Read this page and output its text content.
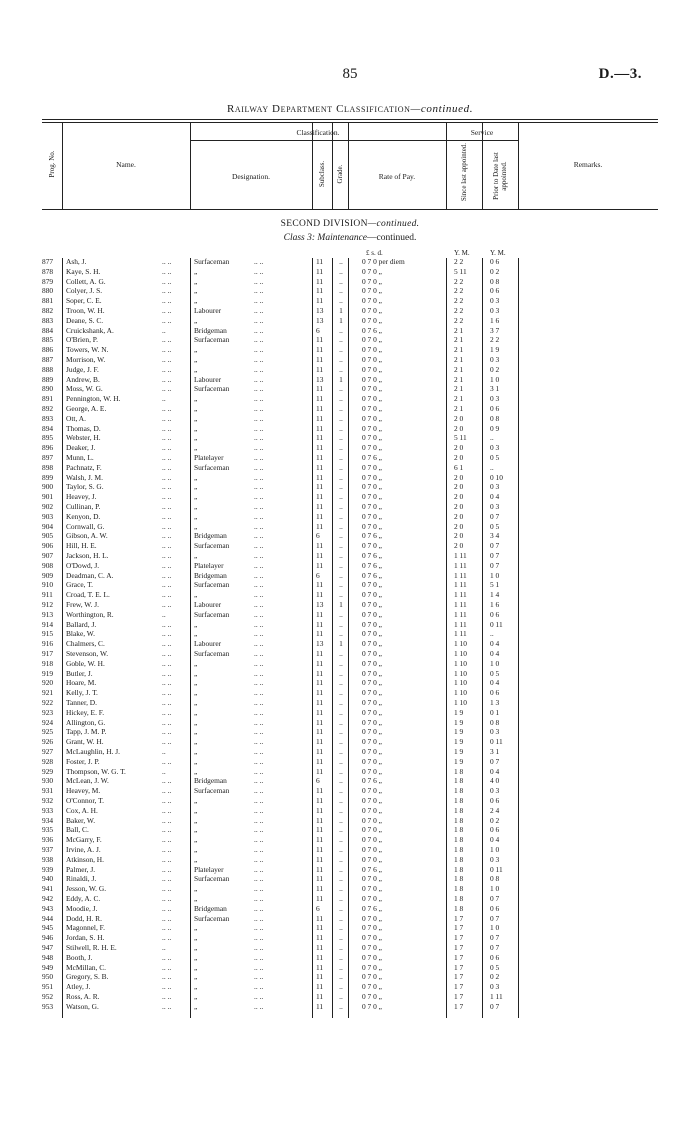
85	D.—3.
Railway Department Classification—continued.
Prog. No.	Name.
Classification.
Designation.	Subclass. Grade.	Rate of Pay.
Service
Since last appointed.	Prior to Date last appointed.	Remarks.
SECOND DIVISION—continued.
Class 3: Maintenance—continued.
£ s. d.	Y. M.	Y. M.
877	Ash, J.	Surfaceman	11	..	0 7 0 per diem	2 2	0 6
.. ..	.. ..
878	Kaye, S. H.	„	11	..	0 7 0 „	5 11	0 2
.. ..	.. ..
879	Collett, A. G.	„	11	..	0 7 0 „	2 2	0 8
.. ..	.. ..
880	Colyer, J. S.	„	11	..	0 7 0 „	2 2	0 6
.. ..	.. ..
881	Soper, C. E.	„	11	..	0 7 0 „	2 2	0 3
.. ..	.. ..
882	Troon, W. H.	Labourer	13	1	0 7 0 „	2 2	0 3
.. ..	.. ..
883	Deane, S. C.	„	13	1	0 7 0 „	2 2	1 6
.. ..	.. ..
884	Cruickshank, A.	Bridgeman	6	..	0 7 6 „	2 1	3 7
..	.. ..
885	O'Brien, P.	Surfaceman	11	..	0 7 0 „	2 1	2 2
.. ..	.. ..
886	Towers, W. N.	„	11	..	0 7 0 „	2 1	1 9
.. ..	.. ..
887	Morrison, W.	„	11	..	0 7 0 „	2 1	0 3
.. ..	.. ..
888	Judge, J. F.	„	11	..	0 7 0 „	2 1	0 2
.. ..	.. ..
889	Andrew, B.	Labourer	13	1	0 7 0 „	2 1	1 0
.. ..	.. ..
890	Moss, W. G.	Surfaceman	11	..	0 7 0 „	2 1	3 1
.. ..	.. ..
891	Pennington, W. H.	„	11	..	0 7 0 „	2 1	0 3
..	.. ..
892	George, A. E.	„	11	..	0 7 0 „	2 1	0 6
.. ..	.. ..
893	Ott, A.	„	11	..	0 7 0 „	2 0	0 8
.. ..	.. ..
894	Thomas, D.	„	11	..	0 7 0 „	2 0	0 9
.. ..	.. ..
895	Webster, H.	„	11	..	0 7 0 „	5 11	..
.. ..	.. ..
896	Deaker, J.	„	11	..	0 7 0 „	2 0	0 3
.. ..	.. ..
897	Munn, L.	Platelayer	11	..	0 7 6 „	2 0	0 5
.. ..	.. ..
898	Pachnatz, F.	Surfaceman	11	..	0 7 0 „	6 1	..
.. ..	.. ..
899	Walsh, J. M.	„	11	..	0 7 0 „	2 0	0 10
.. ..	.. ..
900	Taylor, S. G.	„	11	..	0 7 0 „	2 0	0 3
.. ..	.. ..
901	Heavey, J.	„	11	..	0 7 0 „	2 0	0 4
.. ..	.. ..
902	Cullinan, P.	„	11	..	0 7 0 „	2 0	0 3
.. ..	.. ..
903	Kenyon, D.	„	11	..	0 7 0 „	2 0	0 7
.. ..	.. ..
904	Cornwall, G.	„	11	..	0 7 0 „	2 0	0 5
.. ..	.. ..
905	Gibson, A. W.	Bridgeman	6	..	0 7 6 „	2 0	3 4
.. ..	.. ..
906	Hill, H. E.	Surfaceman	11	..	0 7 0 „	2 0	0 7
.. ..	.. ..
907	Jackson, H. L.	„	11	..	0 7 6 „	1 11	0 7
.. ..	.. ..
908	O'Dowd, J.	Platelayer	11	..	0 7 6 „	1 11	0 7
.. ..	.. ..
909	Deadman, C. A.	Bridgeman	6	..	0 7 6 „	1 11	1 0
.. ..	.. ..
910	Grace, T.	Surfaceman	11	..	0 7 0 „	1 11	5 1
.. ..	.. ..
911	Croad, T. E. L.	„	11	..	0 7 0 „	1 11	1 4
.. ..	.. ..
912	Frew, W. J.	Labourer	13	1	0 7 0 „	1 11	1 6
.. ..	.. ..
913	Worthington, R.	Surfaceman	11	..	0 7 0 „	1 11	0 6
..	.. ..
914	Ballard, J.	„	11	..	0 7 0 „	1 11	0 11
.. ..	.. ..
915	Blake, W.	„	11	..	0 7 0 „	1 11	..
.. ..	.. ..
916	Chalmers, C.	Labourer	13	1	0 7 0 „	1 10	0 4
.. ..	.. ..
917	Stevenson, W.	Surfaceman	11	..	0 7 0 „	1 10	0 4
.. ..	.. ..
918	Goble, W. H.	„	11	..	0 7 0 „	1 10	1 0
.. ..	.. ..
919	Butler, J.	„	11	..	0 7 0 „	1 10	0 5
.. ..	.. ..
920	Hoare, M.	„	11	..	0 7 0 „	1 10	0 4
.. ..	.. ..
921	Kelly, J. T.	„	11	..	0 7 0 „	1 10	0 6
.. ..	.. ..
922	Tanner, D.	„	11	..	0 7 0 „	1 10	1 3
.. ..	.. ..
923	Hickey, E. F.	„	11	..	0 7 0 „	1 9	0 1
.. ..	.. ..
924	Allington, G.	„	11	..	0 7 0 „	1 9	0 8
.. ..	.. ..
925	Tapp, J. M. P.	„	11	..	0 7 0 „	1 9	0 3
.. ..	.. ..
926	Grant, W. H.	„	11	..	0 7 0 „	1 9	0 11
.. ..	.. ..
927	McLaughlin, H. J.	„	11	..	0 7 0 „	1 9	3 1
..	.. ..
928	Foster, J. P.	„	11	..	0 7 0 „	1 9	0 7
.. ..	.. ..
929	Thompson, W. G. T.	„	11	..	0 7 0 „	1 8	0 4
..	.. ..
930	McLean, J. W.	Bridgeman	6	..	0 7 6 „	1 8	4 0
.. ..	.. ..
931	Heavey, M.	Surfaceman	11	..	0 7 0 „	1 8	0 3
.. ..	.. ..
932	O'Connor, T.	„	11	..	0 7 0 „	1 8	0 6
.. ..	.. ..
933	Cox, A. H.	„	11	..	0 7 0 „	1 8	2 4
.. ..	.. ..
934	Baker, W.	„	11	..	0 7 0 „	1 8	0 2
.. ..	.. ..
935	Ball, C.	„	11	..	0 7 0 „	1 8	0 6
.. ..	.. ..
936	McGarry, F.	„	11	..	0 7 0 „	1 8	0 4
.. ..	.. ..
937	Irvine, A. J.	„	11	..	0 7 0 „	1 8	1 0
.. ..	.. ..
938	Atkinson, H.	„	11	..	0 7 0 „	1 8	0 3
.. ..	.. ..
939	Palmer, J.	Platelayer	11	..	0 7 6 „	1 8	0 11
.. ..	.. ..
940	Rinaldi, J.	Surfaceman	11	..	0 7 0 „	1 8	0 8
.. ..	.. ..
941	Jesson, W. G.	„	11	..	0 7 0 „	1 8	1 0
.. ..	.. ..
942	Eddy, A. C.	„	11	..	0 7 0 „	1 8	0 7
.. ..	.. ..
943	Moodie, J.	Bridgeman	6	..	0 7 6 „	1 8	0 6
.. ..	.. ..
944	Dodd, H. R.	Surfaceman	11	..	0 7 0 „	1 7	0 7
.. ..	.. ..
945	Magonnel, F.	„	11	..	0 7 0 „	1 7	1 0
.. ..	.. ..
946	Jordan, S. H.	„	11	..	0 7 0 „	1 7	0 7
.. ..	.. ..
947	Stilwell, R. H. E.	„	11	..	0 7 0 „	1 7	0 7
..	.. ..
948	Booth, J.	„	11	..	0 7 0 „	1 7	0 6
.. ..	.. ..
949	McMillan, C.	„	11	..	0 7 0 „	1 7	0 5
.. ..	.. ..
950	Gregory, S. B.	„	11	..	0 7 0 „	1 7	0 2
.. ..	.. ..
951	Atley, J.	„	11	..	0 7 0 „	1 7	0 3
.. ..	.. ..
952	Ross, A. R.	„	11	..	0 7 0 „	1 7	1 11
.. ..	.. ..
953	Watson, G.	„	11	..	0 7 0 „	1 7	0 7
.. ..	.. ..
